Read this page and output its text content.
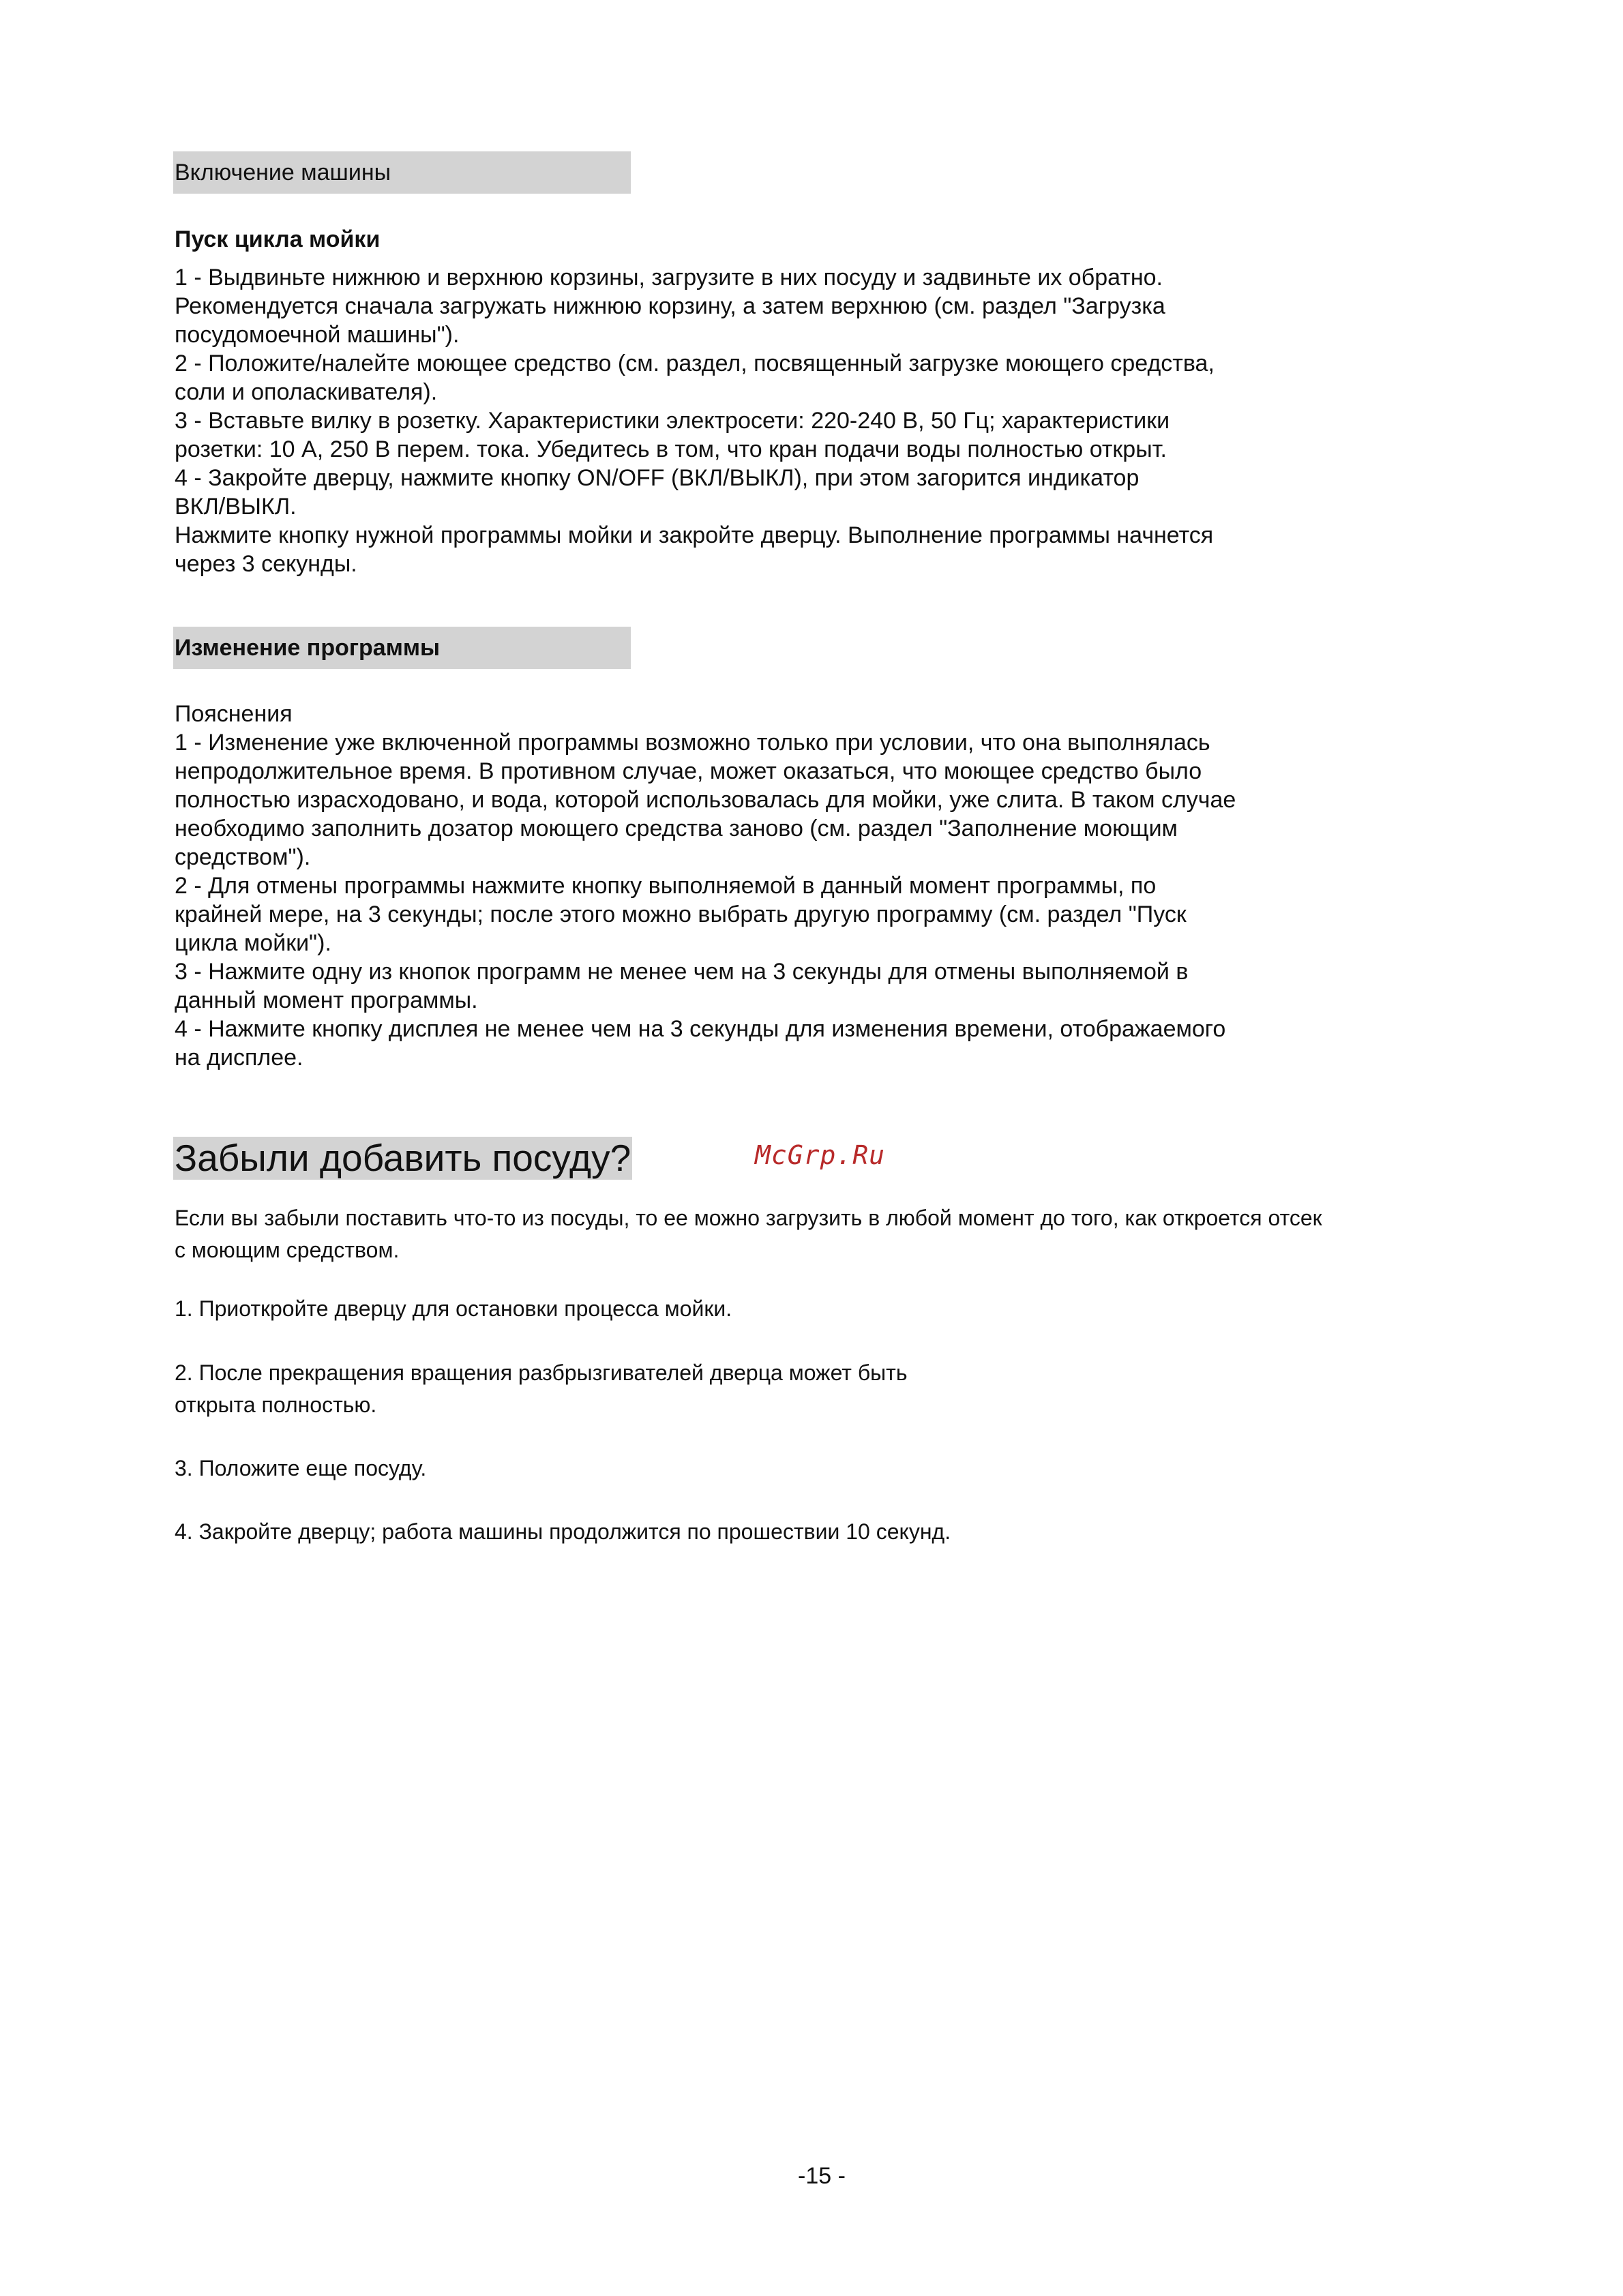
Включение машины
Пуск цикла мойки
1 - Выдвиньте нижнюю и верхнюю корзины, загрузите в них посуду и задвиньте их обратно.
Рекомендуется сначала загружать нижнюю корзину, а затем верхнюю (см. раздел "Загрузка
посудомоечной машины").
2 - Положите/налейте моющее средство (см. раздел, посвященный загрузке моющего средства,
соли и ополаскивателя).
3 - Вставьте вилку в розетку. Характеристики электросети: 220-240 В, 50 Гц; характеристики
розетки: 10 А, 250 В перем. тока. Убедитесь в том, что кран подачи воды полностью открыт.
4 - Закройте дверцу, нажмите кнопку ON/OFF (ВКЛ/ВЫКЛ), при этом загорится индикатор
ВКЛ/ВЫКЛ.
Нажмите кнопку нужной программы мойки и закройте дверцу. Выполнение программы начнется
через 3 секунды.
Изменение программы
Пояснения
1 - Изменение уже включенной программы возможно только при условии, что она выполнялась
непродолжительное время. В противном случае, может оказаться, что моющее средство было
полностью израсходовано, и вода, которой использовалась для мойки, уже слита. В таком случае
необходимо заполнить дозатор моющего средства заново (см. раздел "Заполнение моющим
средством").
2 - Для отмены программы нажмите кнопку выполняемой в данный момент программы, по
крайней мере, на 3 секунды; после этого можно выбрать другую программу (см. раздел "Пуск
цикла мойки").
3 - Нажмите одну из кнопок программ не менее чем на 3 секунды для отмены выполняемой в
данный момент программы.
4 - Нажмите кнопку дисплея не менее чем на 3 секунды для изменения времени, отображаемого
на дисплее.
Забыли добавить посуду?	McGrp.Ru
Если вы забыли поставить что-то из посуды, то ее можно загрузить в любой момент до того, как откроется отсек
с моющим средством.
1. Приоткройте дверцу для остановки процесса мойки.
2. После прекращения вращения разбрызгивателей дверца может быть
открыта полностью.
3. Положите еще посуду.
4. Закройте дверцу; работа машины продолжится по прошествии 10 секунд.
-15 -
